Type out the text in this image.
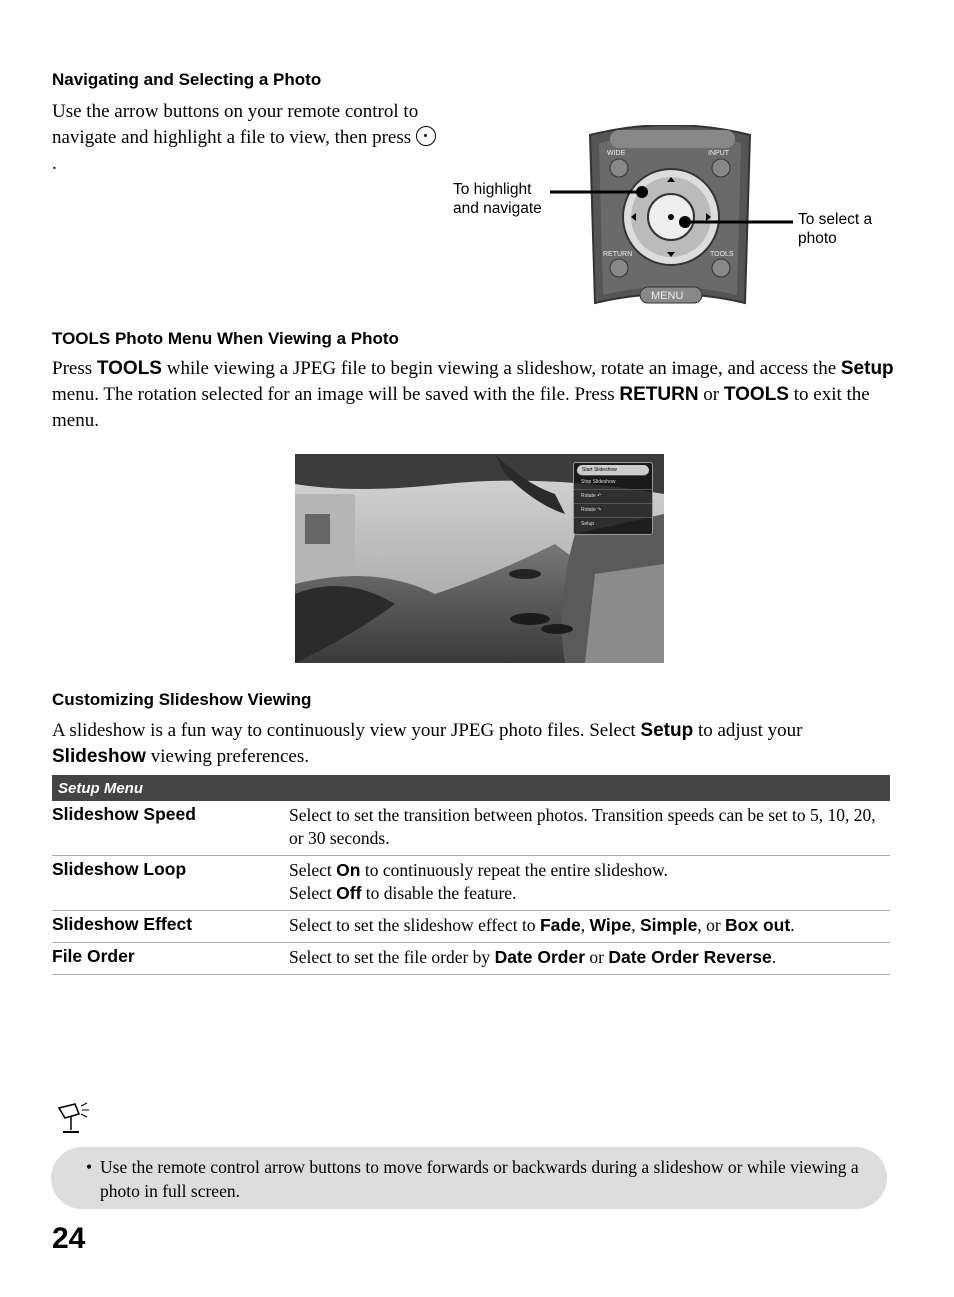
Navigating and Selecting a Photo
Use the arrow buttons on your remote control to navigate and highlight a file to view, then press
.	WIDE	INPUT
RETURN	TOOLS
MENU
To highlight and navigate
To select a photo
TOOLS Photo Menu When Viewing a Photo
Press TOOLS while viewing a JPEG file to begin viewing a slideshow, rotate an image, and access the Setup menu. The rotation selected for an image will be saved with the file. Press RETURN or TOOLS to exit the menu.
Start Slideshow
Stop Slideshow
Rotate ↶
Rotate ↷
Setup
Customizing Slideshow Viewing
A slideshow is a fun way to continuously view your JPEG photo files. Select Setup to adjust your Slideshow viewing preferences.
Setup Menu	
Slideshow Speed	Select to set the transition between photos. Transition speeds can be set to 5, 10, 20, or 30 seconds.
Slideshow Loop	Select On to continuously repeat the entire slideshow.
Select Off to disable the feature.
Slideshow Effect	Select to set the slideshow effect to Fade, Wipe, Simple, or Box out.
File Order	Select to set the file order by Date Order or Date Order Reverse.
• Use the remote control arrow buttons to move forwards or backwards during a slideshow or while viewing a photo in full screen.
24
